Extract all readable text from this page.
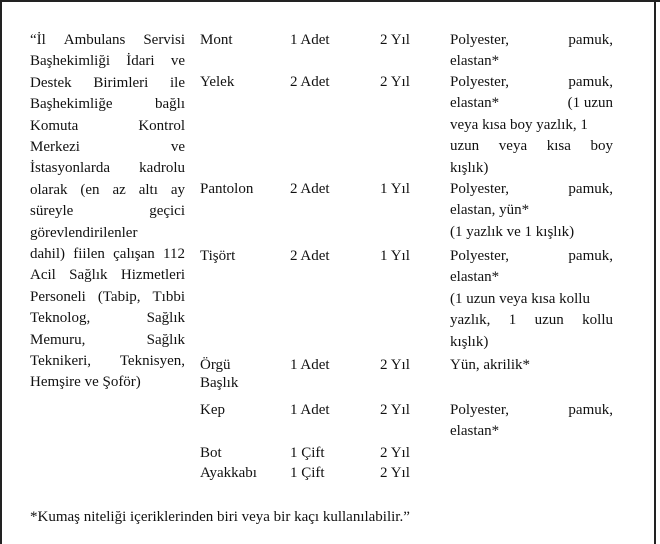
“İl Ambulans Servisi
Başhekimliği İdari ve
Destek Birimleri ile
Başhekimliğe	bağlı
Komuta	Kontrol
Merkezi	ve
İstasyonlarda kadrolu
olarak (en az altı ay
süreyle	geçici
görevlendirilenler
dahil) fiilen çalışan 112
Acil Sağlık Hizmetleri
Personeli (Tabip, Tıbbi
Teknolog,	Sağlık
Memuru,	Sağlık
Teknikeri, Teknisyen,
Hemşire ve Şoför)
Mont	1 Adet	2 Yıl	Polyester,	pamuk,
elastan*
Yelek	2 Adet	2 Yıl	Polyester,	pamuk,
elastan*	(1 uzun
veya kısa boy yazlık, 1
uzun veya kısa boy
kışlık)
Pantolon 2 Adet	1 Yıl	Polyester,	pamuk,
elastan, yün*
(1 yazlık ve 1 kışlık)
Tişört	2 Adet	1 Yıl	Polyester,	pamuk,
elastan*
(1 uzun veya kısa kollu
yazlık, 1 uzun kollu
kışlık)
Örgü
Başlık
1 Adet	2 Yıl	Yün, akrilik*
Kep	1 Adet	2 Yıl	Polyester,	pamuk,
elastan*
Bot	1 Çift	2 Yıl
Ayakkabı 1 Çift	2 Yıl
*Kumaş niteliği içeriklerinden biri veya bir kaçı kullanılabilir.”
